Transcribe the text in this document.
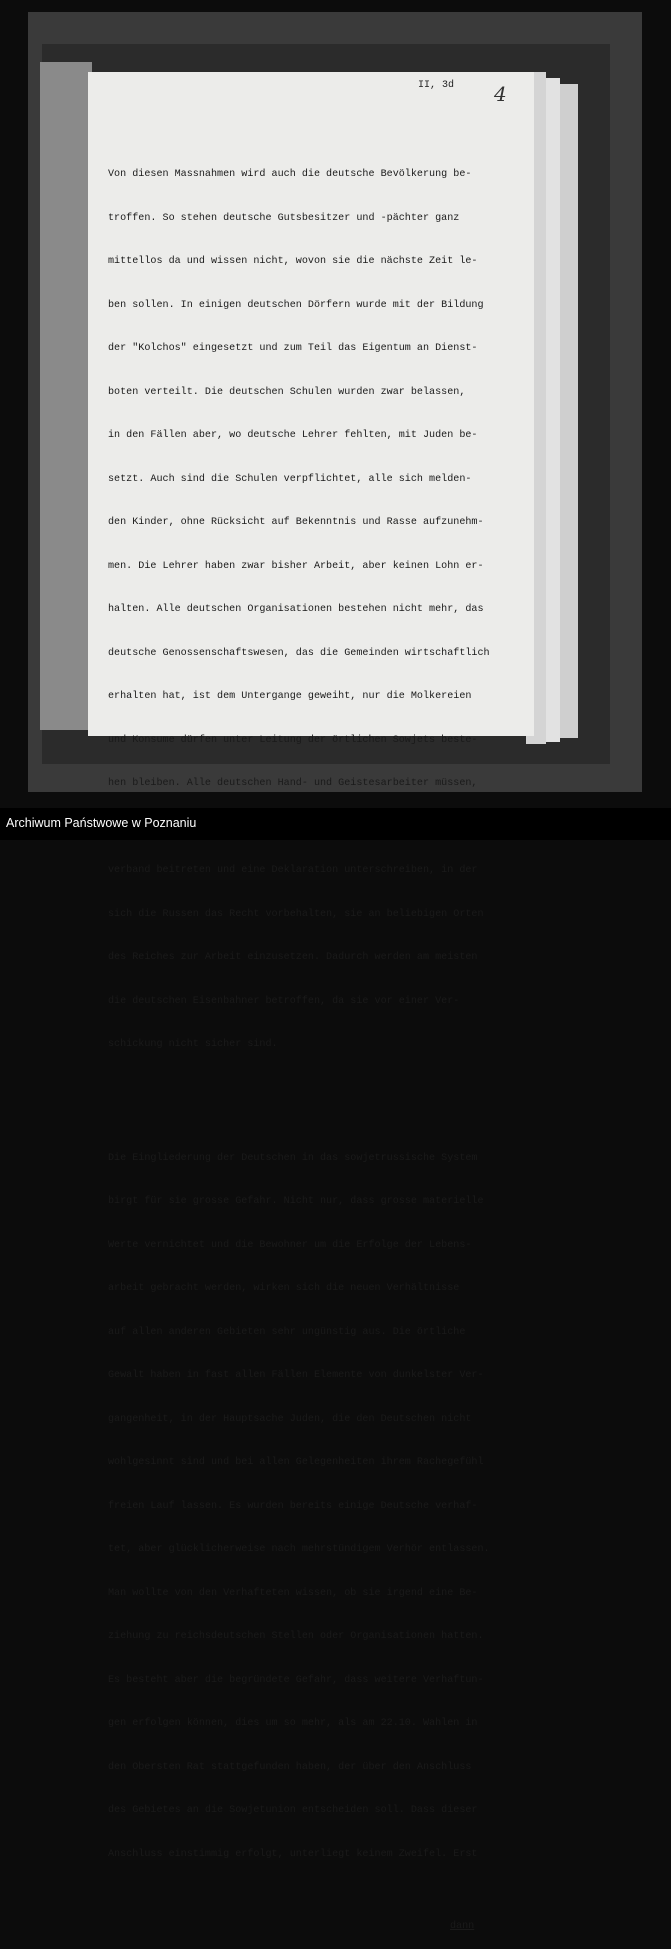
II, 3d 4

Von diesen Massnahmen wird auch die deutsche Bevölkerung be-

troffen. So stehen deutsche Gutsbesitzer und -pächter ganz

mittellos da und wissen nicht, wovon sie die nächste Zeit le-

ben sollen. In einigen deutschen Dörfern wurde mit der Bildung

der "Kolchos" eingesetzt und zum Teil das Eigentum an Dienst-

boten verteilt. Die deutschen Schulen wurden zwar belassen,

in den Fällen aber, wo deutsche Lehrer fehlten, mit Juden be-

setzt. Auch sind die Schulen verpflichtet, alle sich melden-

den Kinder, ohne Rücksicht auf Bekenntnis und Rasse aufzunehm-

men. Die Lehrer haben zwar bisher Arbeit, aber keinen Lohn er-

halten. Alle deutschen Organisationen bestehen nicht mehr, das

deutsche Genossenschaftswesen, das die Gemeinden wirtschaftlich

erhalten hat, ist dem Untergange geweiht, nur die Molkereien

und Konsume dürfen unter Leitung der örtlichen Sowjets beste-

hen bleiben. Alle deutschen Hand- und Geistesarbeiter müssen,

verband beitreten und eine Deklaration unterschreiben, in der

sich die Russen das Recht vorbehalten, sie an beliebigen Orten

des Reiches zur Arbeit einzusetzen. Dadurch werden am meisten

die deutschen Eisenbahner betroffen, da sie vor einer Ver-

schickung nicht sicher sind.

Die Eingliederung der Deutschen in das sowjetrussische System

birgt für sie grosse Gefahr. Nicht nur, dass grosse materielle

Werte vernichtet und die Bewohner um die Erfolge der Lebens-

arbeit gebracht werden, wirken sich die neuen Verhältnisse

auf allen anderen Gebieten sehr ungünstig aus. Die örtliche

Gewalt haben in fast allen Fällen Elemente von dunkelster Ver-

gangenheit, in der Hauptsache Juden, die den Deutschen nicht

wohlgesinnt sind und bei allen Gelegenheiten ihrem Rachegefühl

freien Lauf lassen. Es wurden bereits einige Deutsche verhaf-

tet, aber glücklicherweise nach mehrstündigem Verhör entlassen.

Man wollte von den Verhafteten wissen, ob sie irgend eine Be-

ziehung zu reichsdeutschen Stellen oder Organisationen hatten.

Es besteht aber die begründete Gefahr, dass weitere Verhaftun-

gen erfolgen können, dies um so mehr, als am 22.10. Wahlen in

den Obersten Rat stattgefunden haben, der über den Anschluss

des Gebietes an die Sowjetunion entscheiden soll. Dass dieser

Anschluss einstimmig erfolgt, unterliegt keinem Zweifel. Erst

dann

Archiwum Państwowe w Poznaniu
